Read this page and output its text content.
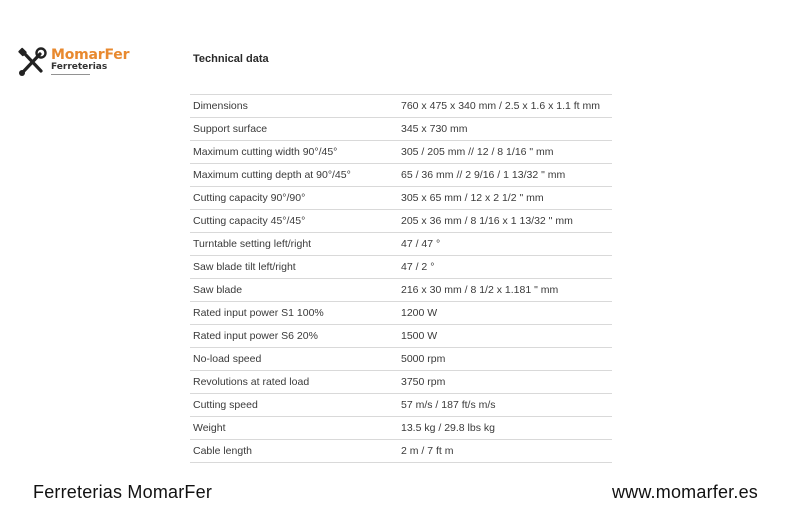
MomarFer
Ferreterias
▬▬▬▬▬▬▬▬▬▬▬▬▬
Technical data
Dimensions	760 x 475 x 340 mm / 2.5 x 1.6 x 1.1 ft mm
Support surface	345 x 730 mm
Maximum cutting width 90°/45°	305 / 205 mm // 12 / 8 1/16 " mm
Maximum cutting depth at 90°/45°	65 / 36 mm // 2 9/16 / 1 13/32 " mm
Cutting capacity 90°/90°	305 x 65 mm / 12 x 2 1/2 " mm
Cutting capacity 45°/45°	205 x 36 mm / 8 1/16 x 1 13/32 " mm
Turntable setting left/right	47 / 47 °
Saw blade tilt left/right	47 / 2 °
Saw blade	216 x 30 mm / 8 1/2 x 1.181 " mm
Rated input power S1 100%	1200 W
Rated input power S6 20%	1500 W
No-load speed	5000 rpm
Revolutions at rated load	3750 rpm
Cutting speed	57 m/s / 187 ft/s m/s
Weight	13.5 kg / 29.8 lbs kg
Cable length	2 m / 7 ft m
Ferreterias MomarFer	www.momarfer.es
